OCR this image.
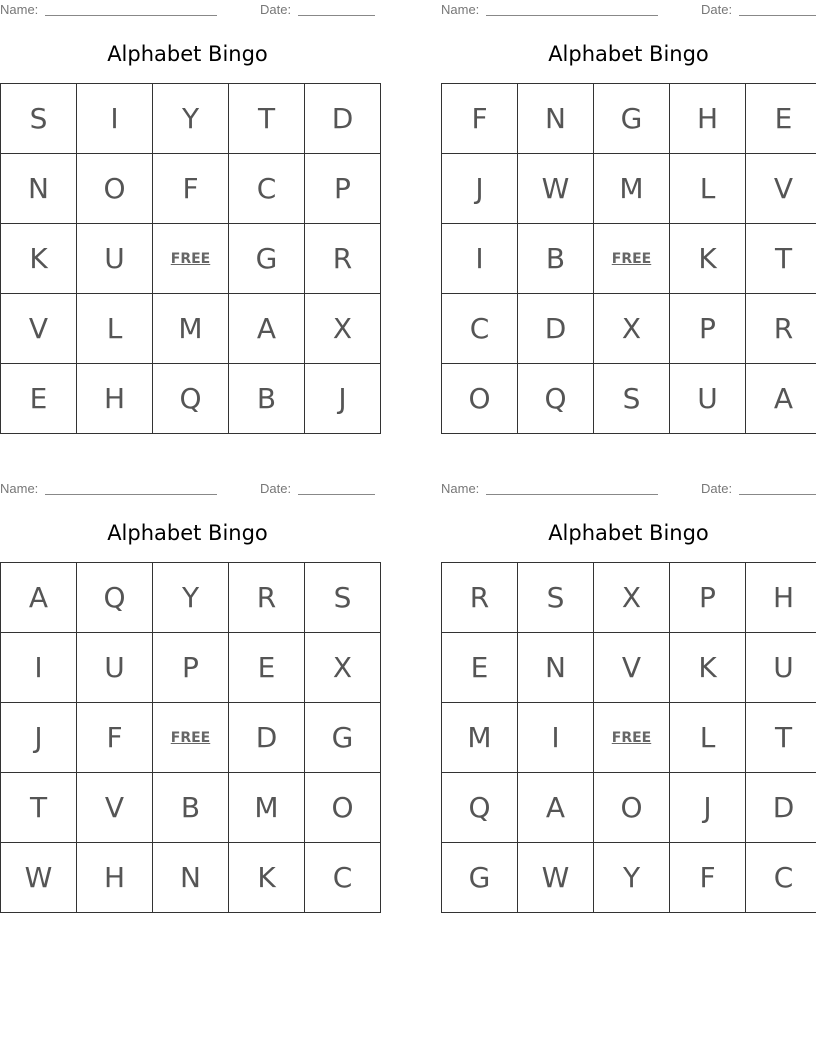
Name:	Date:
Alphabet Bingo
S	I	Y	T	D
N	O	F	C	P
K	U	FREE	G	R
V	L	M	A	X
E	H	Q	B	J
Name:	Date:
Alphabet Bingo
F	N	G	H	E
J	W	M	L	V
I	B	FREE	K	T
C	D	X	P	R
O	Q	S	U	A
Name:	Date:
Alphabet Bingo
A	Q	Y	R	S
I	U	P	E	X
J	F	FREE	D	G
T	V	B	M	O
W	H	N	K	C
Name:	Date:
Alphabet Bingo
R	S	X	P	H
E	N	V	K	U
M	I	FREE	L	T
Q	A	O	J	D
G	W	Y	F	C
